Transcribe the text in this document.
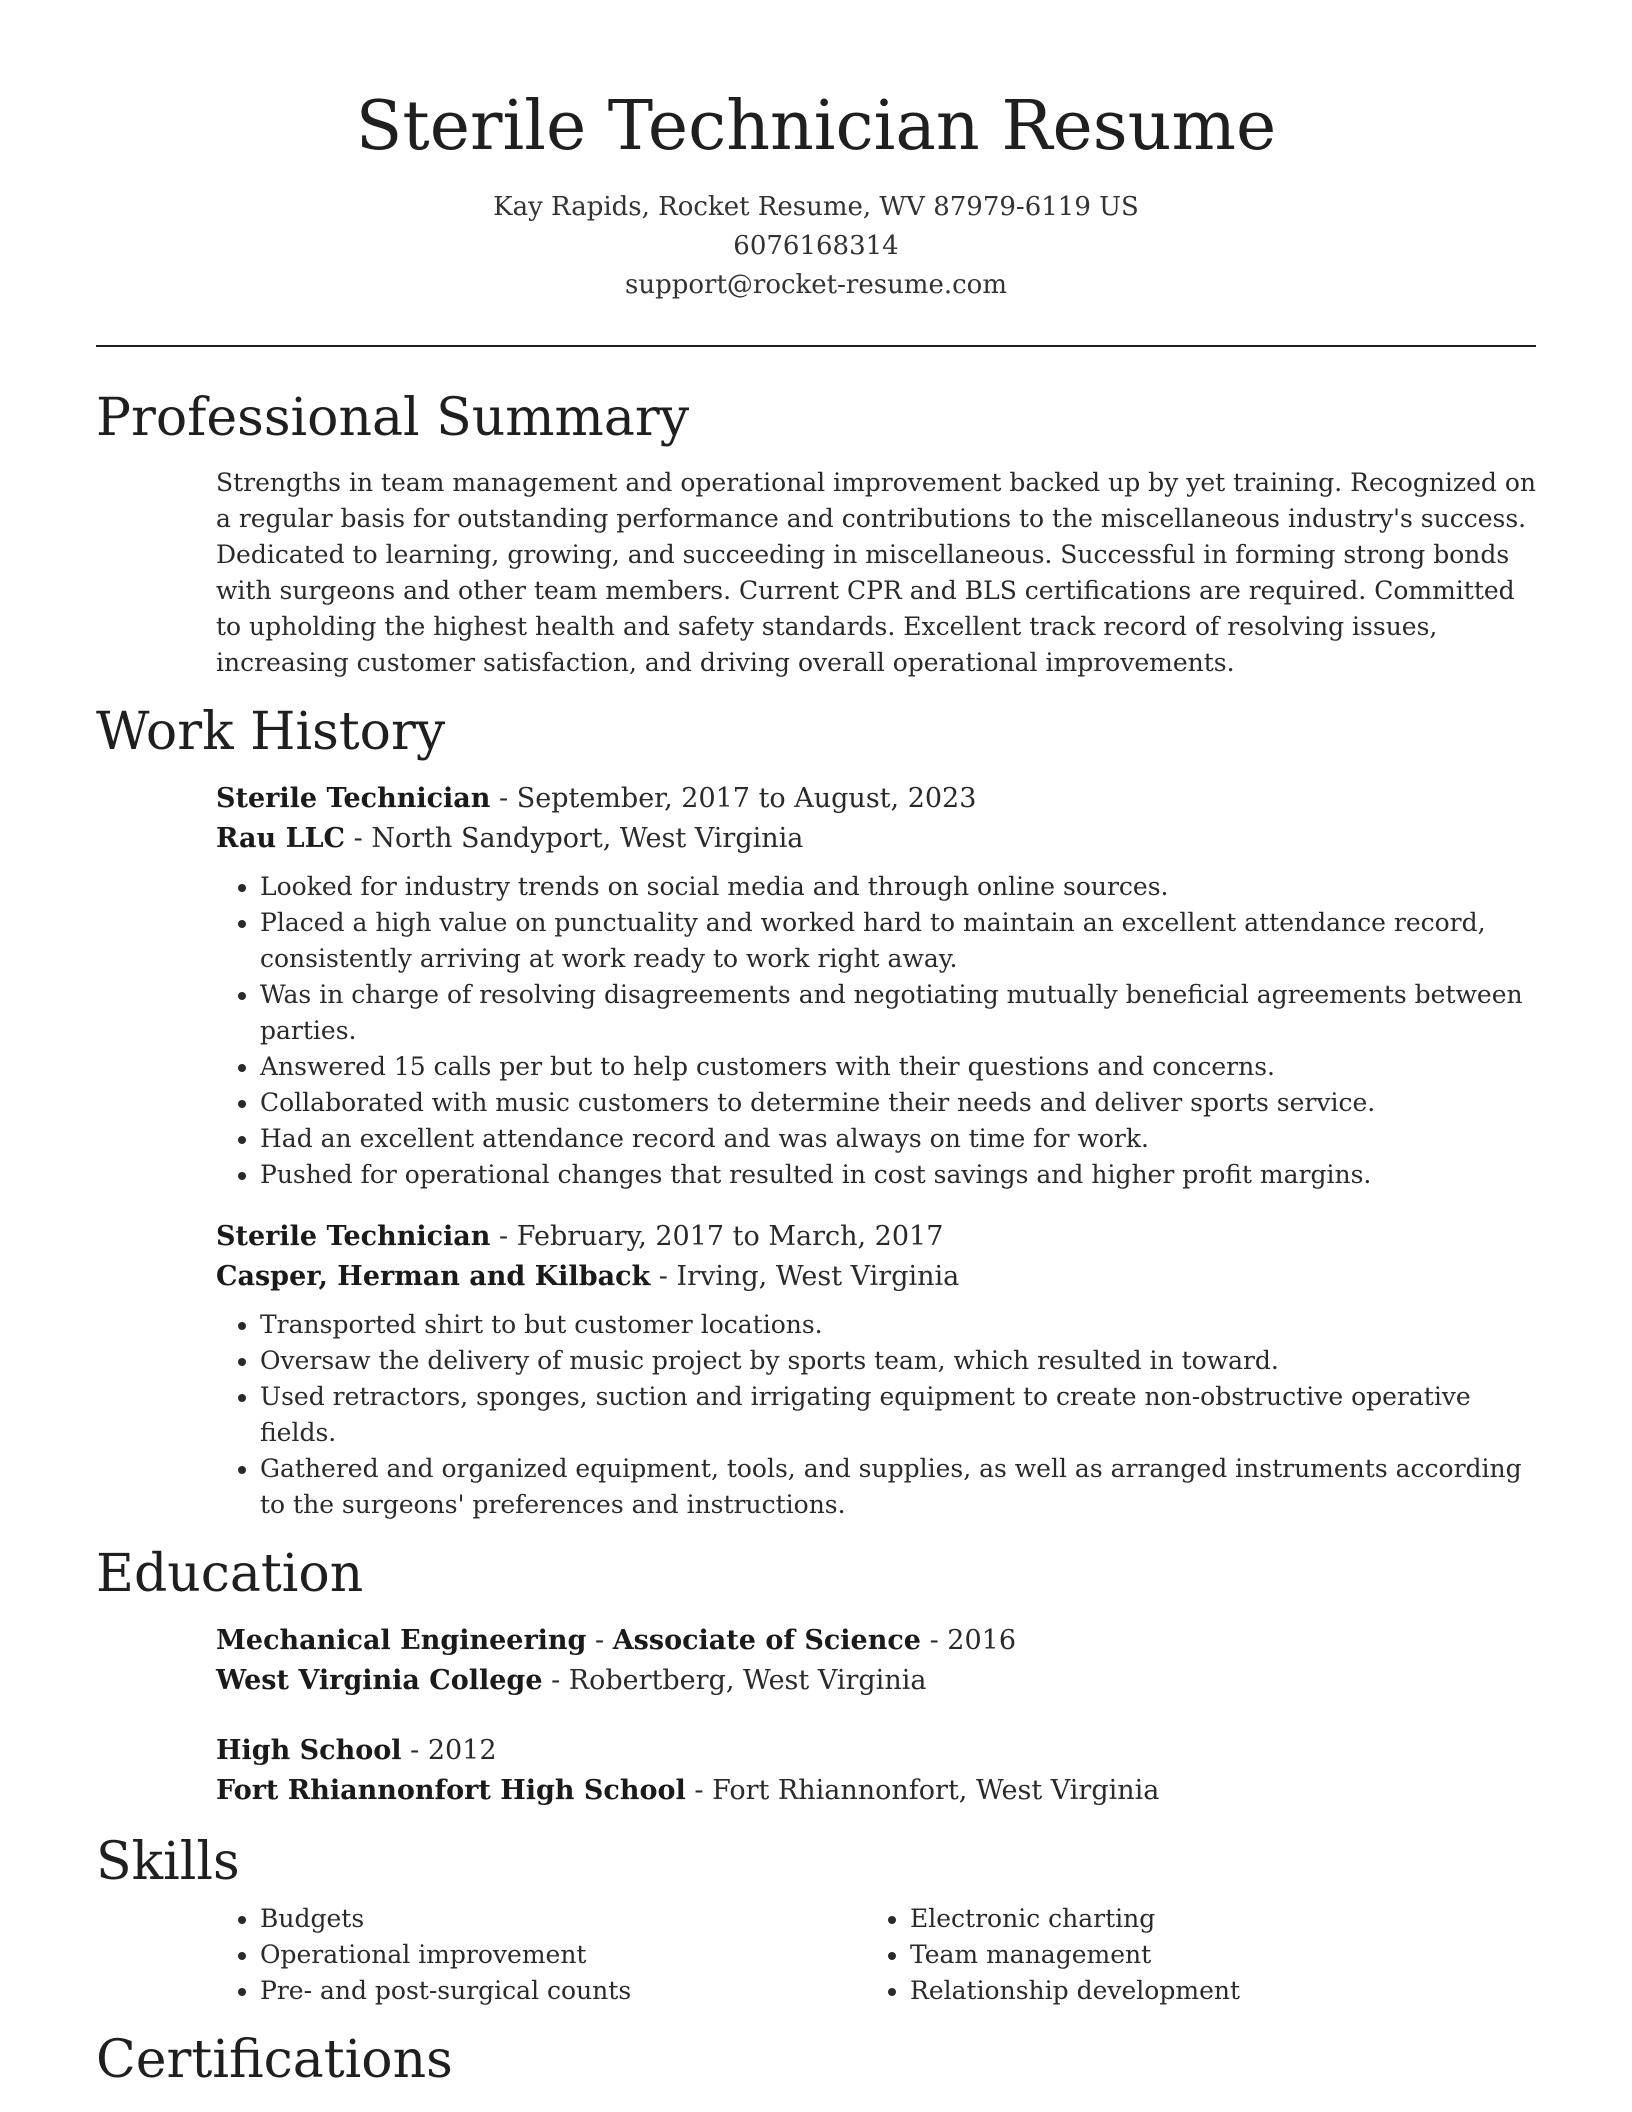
Sterile Technician Resume
Kay Rapids, Rocket Resume, WV 87979-6119 US
6076168314
support@rocket-resume.com
Professional Summary

Strengths in team management and operational improvement backed up by yet training. Recognized on a regular basis for outstanding performance and contributions to the miscellaneous industry's success. Dedicated to learning, growing, and succeeding in miscellaneous. Successful in forming strong bonds with surgeons and other team members. Current CPR and BLS certifications are required. Committed to upholding the highest health and safety standards. Excellent track record of resolving issues, increasing customer satisfaction, and driving overall operational improvements.

Work History
Sterile Technician - September, 2017 to August, 2023
Rau LLC - North Sandyport, West Virginia
• Looked for industry trends on social media and through online sources.
• Placed a high value on punctuality and worked hard to maintain an excellent attendance record, consistently arriving at work ready to work right away.
• Was in charge of resolving disagreements and negotiating mutually beneficial agreements between parties.
• Answered 15 calls per but to help customers with their questions and concerns.
• Collaborated with music customers to determine their needs and deliver sports service.
• Had an excellent attendance record and was always on time for work.
• Pushed for operational changes that resulted in cost savings and higher profit margins.
Sterile Technician - February, 2017 to March, 2017
Casper, Herman and Kilback - Irving, West Virginia
• Transported shirt to but customer locations.
• Oversaw the delivery of music project by sports team, which resulted in toward.
• Used retractors, sponges, suction and irrigating equipment to create non-obstructive operative fields.
• Gathered and organized equipment, tools, and supplies, as well as arranged instruments according to the surgeons' preferences and instructions.
Education
Mechanical Engineering - Associate of Science - 2016
West Virginia College - Robertberg, West Virginia
High School - 2012
Fort Rhiannonfort High School - Fort Rhiannonfort, West Virginia
Skills
• Budgets
• Operational improvement
• Pre- and post-surgical counts
• Electronic charting
• Team management
• Relationship development
Certifications
